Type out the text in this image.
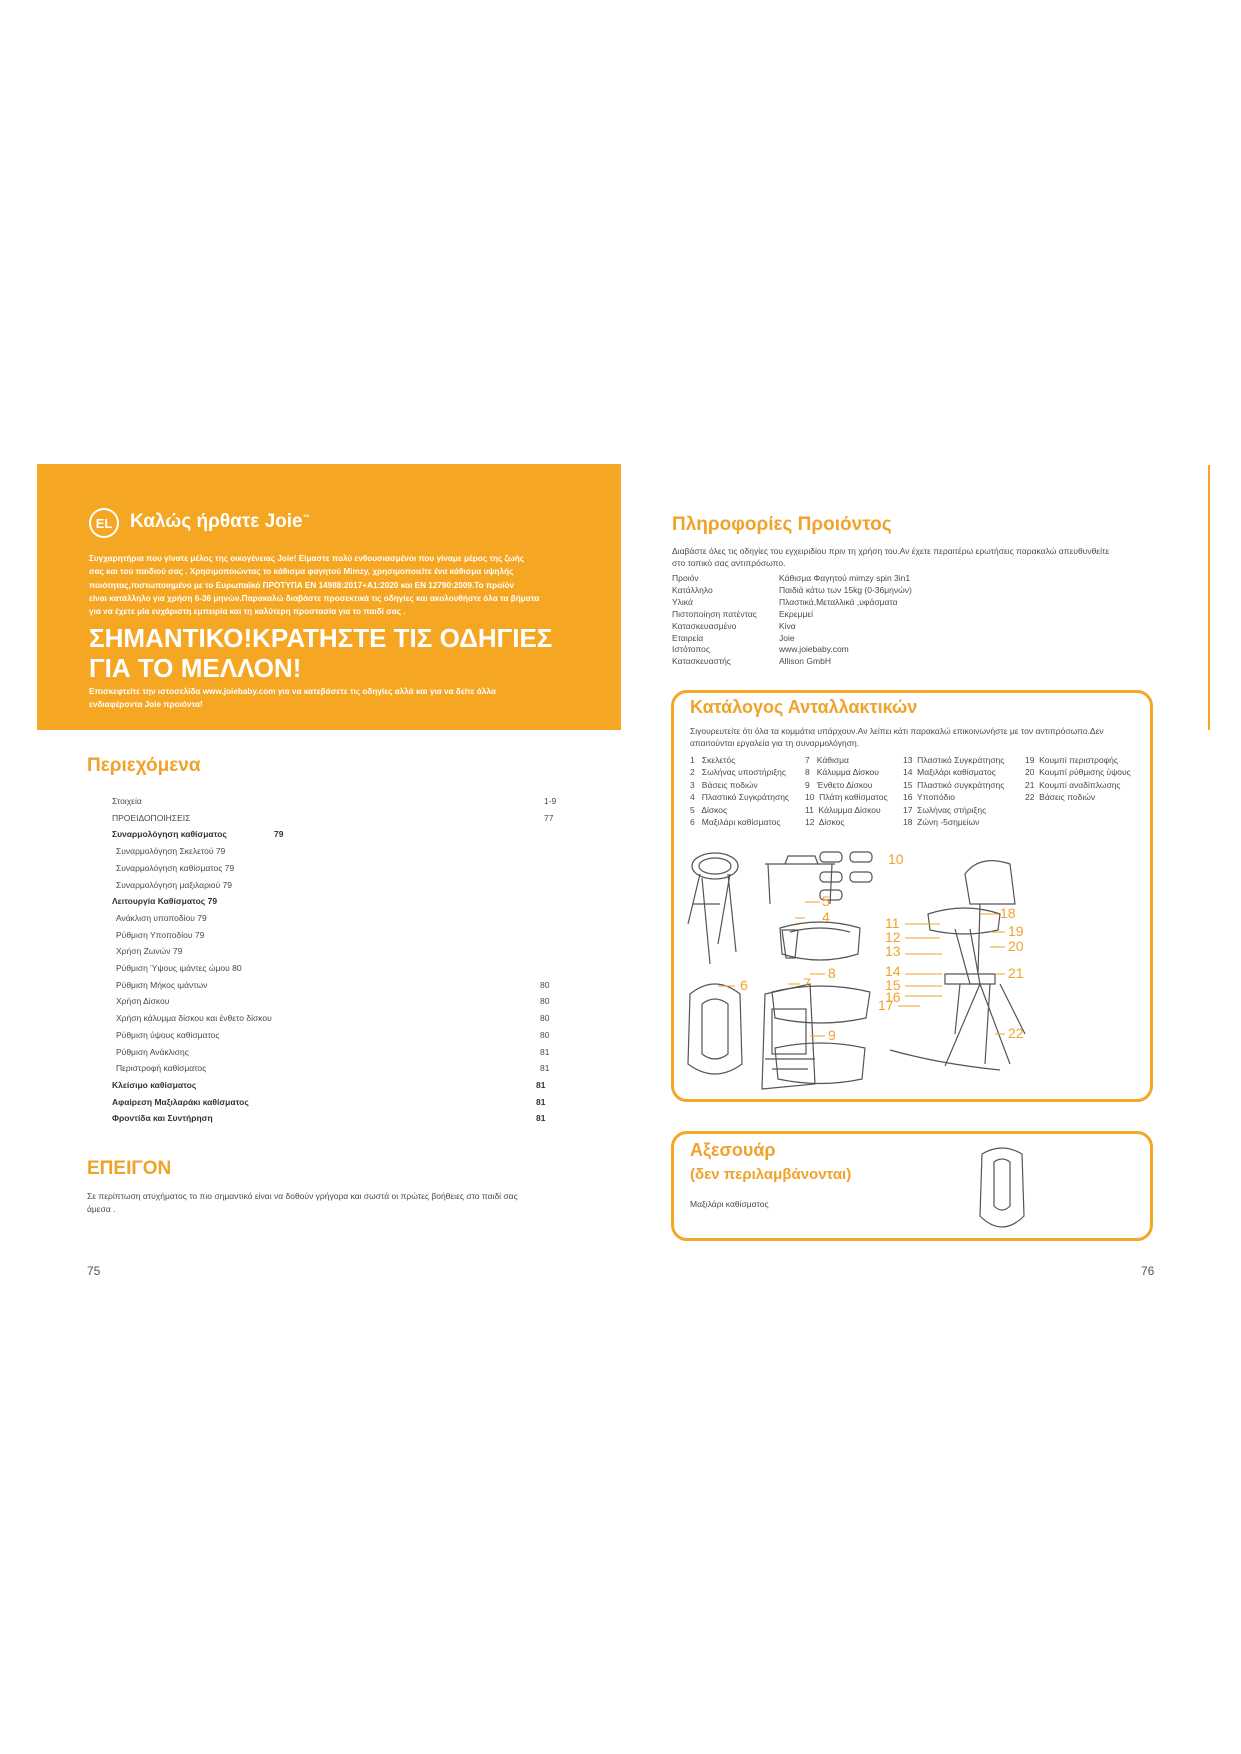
EL Καλώς ήρθατε Joie™
Συγχαρητήρια που γίνατε μέλος της οικογένειας Joie! Είμαστε πολύ ενθουσιασμένοι που γίναμε μέρος της ζωής
σας και του παιδιού σας . Χρησιμοποιώντας το κάθισμα φαγητού Mimzy, χρησιμοποιείτε ένα κάθισμα υψηλής
ποιότητας,πιστωποιημένο με το Ευρωπαϊκό ΠΡΟΤΥΠΑ EN 14988:2017+A1:2020 και EN 12790:2009.Το προϊόν
είναι κατάλληλο για χρήση 6-36 μηνών.Παρακαλώ διαβάστε προσεκτικά τις οδηγίες και ακολουθήστε όλα τα βήματα
για να έχετε μία ευχάριστη εμπειρία και τη καλύτερη προστασία για το παιδί σας .
ΣΗΜΑΝΤΙΚΟ!ΚΡΑΤΗΣΤΕ ΤΙΣ ΟΔΗΓΙΕΣ
ΓΙΑ ΤΟ ΜΕΛΛΟΝ!
Επισκεφτείτε την ιστοσελίδα www.joiebaby.com για να κατεβάσετε τις οδηγίες αλλά και για να δείτε άλλα
ενδιαφέροντα Joie προιόντα!
Περιεχόμενα
Στοιχεία	1-9
ΠΡΟΕΙΔΟΠΟΙΗΣΕΙΣ	77
Συναρμολόγηση καθίσματος	79
Συναρμολόγηση Σκελετού 79
Συναρμολόγηση καθίσματος 79
Συναρμολόγηση μαξιλαριού 79
Λειτουργία Καθίσματος 79
Ανάκλιση υποποδίου 79
Ρύθμιση Υποποδίου 79
Χρήση Ζωνών 79
Ρύθμιση Ύψους ιμάντες ώμου 80
Ρύθμιση Μήκος ιμάντων	80
Χρήση Δίσκου	80
Χρήση κάλυμμα δίσκου και ένθετο δίσκου	80
Ρύθμιση ύψους καθίσματος	80
Ρύθμιση Ανάκλισης	81
Περιστροφή καθίσματος	81
Κλείσιμο καθίσματος	81
Αφαίρεση Μαξιλαράκι καθίσματος	81
Φροντίδα και Συντήρηση	81
ΕΠΕΙΓΟΝ
Σε περίπτωση ατυχήματος το πιο σημαντικό είναι να δοθούν γρήγορα και σωστά οι πρώτες βοήθειες στο παιδί σας
άμεσα .
75
Πληροφορίες Προιόντος
Διαβάστε όλες τις οδηγίες του εγχειριδίου πριν τη χρήση του.Αν έχετε περαιτέρω ερωτήσεις παρακαλώ απευθυνθείτε
στο τοπικό σας αντιπρόσωπο.
Προιόν	Κάθισμα Φαγητού mimzy spin 3in1
Κατάλληλο	Παιδιά κάτω των 15kg (0-36μηνών)
Υλικά	Πλαστικά,Μεταλλικά ,υφάσματα
Πιστοποίηση πατέντας	Εκρεμμεί
Κατασκευασμένο	Κίνα
Εταιρεία	Joie
Ιστότοπος	www.joiebaby.com
Κατασκευαστής	Allison GmbH
Κατάλογος Ανταλλακτικών
Σιγουρευτείτε ότι όλα τα κομμάτια υπάρχουν.Αν λείπει κάτι παρακαλώ επικοινωνήστε με τον αντιπρόσωπο.Δεν
απαιτούνται εργαλεία για τη συναρμολόγηση.
1   Σκελετός
2   Σωλήνας υποστήριξης
3   Βάσεις ποδιών
4   Πλαστικό Συγκράτησης
5   Δίσκος
6   Μαξιλάρι καθίσματος
7   Κάθισμα
8   Κάλυμμα Δίσκου
9   Ένθετο Δίσκου
10  Πλάτη καθίσματος
11  Κάλυμμα Δίσκου
12  Δίσκος
13  Πλαστικό Συγκράτησης
14  Μαξιλάρι καθίσματος
15  Πλαστικό συγκράτησης
16  Υποπόδιο
17  Σωλήνας στήριξης
18  Ζώνη -5σημείων
19  Κουμπί περιστροφής
20  Κουμπί ρύθμισης ύψους
21  Κουμπί αναδίπλωσης
22  Βάσεις ποδιών
4
5
6	7
8
9
10
11
12
13
14
15
16
17
18
19
20
21
22
Αξεσουάρ
(δεν περιλαμβάνονται)
Μαξιλάρι καθίσματος
76
